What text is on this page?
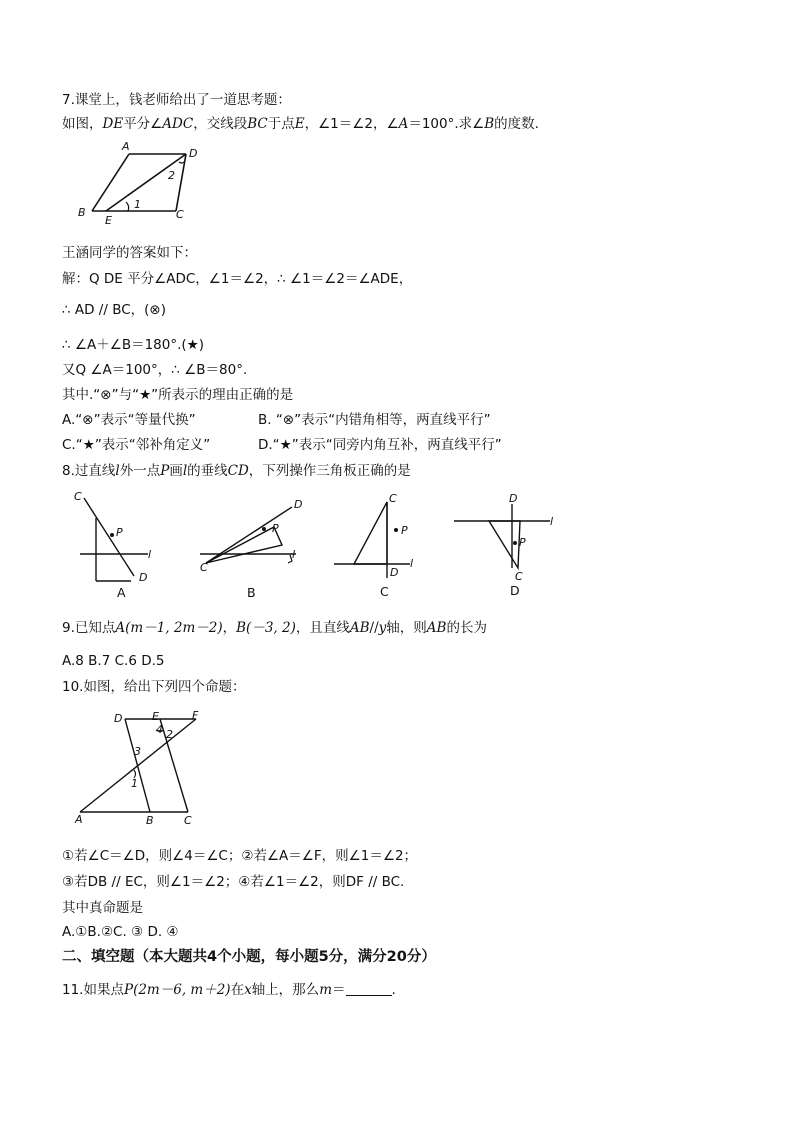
7.课堂上，钱老师给出了一道思考题：
如图，DE平分∠ADC，交线段BC于点E，∠1＝∠2，∠A＝100°.求∠B的度数.
A
D
B
E	C
1
2
王涵同学的答案如下：
解：Q DE 平分∠ADC，∠1＝∠2，∴ ∠1＝∠2＝∠ADE，
∴ AD // BC，(⊗)
∴ ∠A＋∠B＝180°.(★)
又Q ∠A＝100°，∴ ∠B＝80°.
其中.“⊗”与“★”所表示的理由正确的是
A.“⊗”表示“等量代换”	B. “⊗”表示“内错角相等，两直线平行”
C.“★”表示“邻补角定义”	D.“★”表示“同旁内角互补，两直线平行”
8.过直线l外一点P画l的垂线CD，下列操作三角板正确的是
C
P
l
D
A
C
P
l
D
B
C
P
l
D
C
D
P
l
C
D
9.已知点A(m－1, 2m－2)，B(－3, 2)，且直线AB//y轴，则AB的长为
A.8 B.7 C.6 D.5
10.如图，给出下列四个命题：
D	E	F
4 2
3
1
A	B	C
①若∠C＝∠D，则∠4＝∠C；②若∠A＝∠F，则∠1＝∠2；
③若DB // EC，则∠1＝∠2；④若∠1＝∠2，则DF // BC.
其中真命题是
A.①B.②C. ③ D. ④
二、填空题（本大题共4个小题，每小题5分，满分20分）
11.如果点P(2m－6, m＋2)在x轴上，那么m＝	.
